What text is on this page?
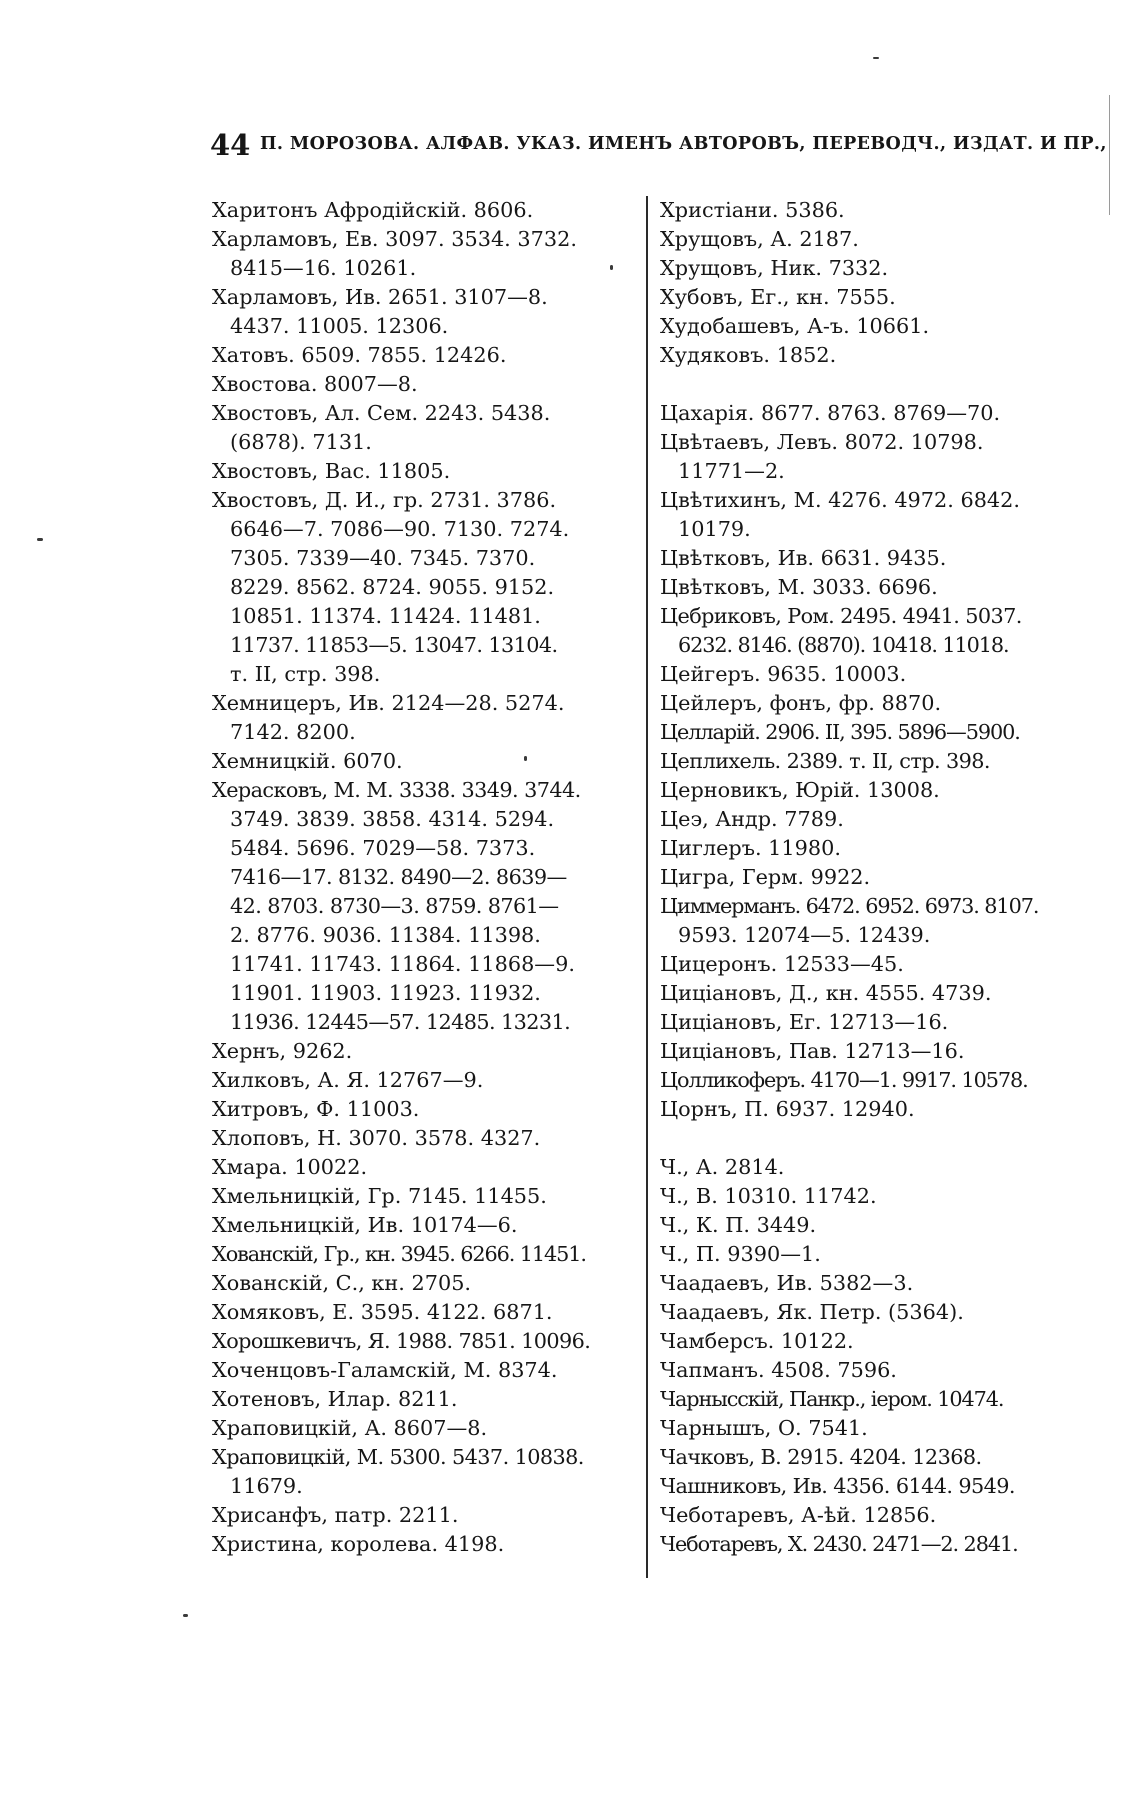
44 П. МОРОЗОВА. АЛФАВ. УКАЗ. ИМЕНЪ АВТОРОВЪ, ПЕРЕВОДЧ., ИЗДАТ. И ПР.,
Харитонъ Афродійскій. 8606.
Харламовъ, Ев. 3097. 3534. 3732.
8415—16. 10261.
Харламовъ, Ив. 2651. 3107—8.
4437. 11005. 12306.
Хатовъ. 6509. 7855. 12426.
Хвостова. 8007—8.
Хвостовъ, Ал. Сем. 2243. 5438.
(6878). 7131.
Хвостовъ, Вас. 11805.
Хвостовъ, Д. И., гр. 2731. 3786.
6646—7. 7086—90. 7130. 7274.
7305. 7339—40. 7345. 7370.
8229. 8562. 8724. 9055. 9152.
10851. 11374. 11424. 11481.
11737. 11853—5. 13047. 13104.
т. II, стр. 398.
Хемницеръ, Ив. 2124—28. 5274.
7142. 8200.
Хемницкій. 6070.
Херасковъ, М. М. 3338. 3349. 3744.
3749. 3839. 3858. 4314. 5294.
5484. 5696. 7029—58. 7373.
7416—17. 8132. 8490—2. 8639—
42. 8703. 8730—3. 8759. 8761—
2. 8776. 9036. 11384. 11398.
11741. 11743. 11864. 11868—9.
11901. 11903. 11923. 11932.
11936. 12445—57. 12485. 13231.
Хернъ, 9262.
Хилковъ, А. Я. 12767—9.
Хитровъ, Ф. 11003.
Хлоповъ, Н. 3070. 3578. 4327.
Хмара. 10022.
Хмельницкій, Гр. 7145. 11455.
Хмельницкій, Ив. 10174—6.
Хованскій, Гр., кн. 3945. 6266. 11451.
Хованскій, С., кн. 2705.
Хомяковъ, Е. 3595. 4122. 6871.
Хорошкевичъ, Я. 1988. 7851. 10096.
Хоченцовъ-Галамскій, М. 8374.
Хотеновъ, Илар. 8211.
Храповицкій, А. 8607—8.
Храповицкій, М. 5300. 5437. 10838.
11679.
Хрисанфъ, патр. 2211.
Христина, королева. 4198.
Христіани. 5386.
Хрущовъ, А. 2187.
Хрущовъ, Ник. 7332.
Хубовъ, Ег., кн. 7555.
Худобашевъ, А-ъ. 10661.
Худяковъ. 1852.
Цахарія. 8677. 8763. 8769—70.
Цвѣтаевъ, Левъ. 8072. 10798.
11771—2.
Цвѣтихинъ, М. 4276. 4972. 6842.
10179.
Цвѣтковъ, Ив. 6631. 9435.
Цвѣтковъ, М. 3033. 6696.
Цебриковъ, Ром. 2495. 4941. 5037.
6232. 8146. (8870). 10418. 11018.
Цейгеръ. 9635. 10003.
Цейлеръ, фонъ, фр. 8870.
Целларій. 2906. II, 395. 5896—5900.
Цеплихель. 2389. т. II, стр. 398.
Церновикъ, Юрій. 13008.
Цеэ, Андр. 7789.
Циглеръ. 11980.
Цигра, Герм. 9922.
Циммерманъ. 6472. 6952. 6973. 8107.
9593. 12074—5. 12439.
Цицеронъ. 12533—45.
Циціановъ, Д., кн. 4555. 4739.
Циціановъ, Ег. 12713—16.
Циціановъ, Пав. 12713—16.
Цолликоферъ. 4170—1. 9917. 10578.
Цорнъ, П. 6937. 12940.
Ч., А. 2814.
Ч., В. 10310. 11742.
Ч., К. П. 3449.
Ч., П. 9390—1.
Чаадаевъ, Ив. 5382—3.
Чаадаевъ, Як. Петр. (5364).
Чамберсъ. 10122.
Чапманъ. 4508. 7596.
Чарнысскій, Панкр., іером. 10474.
Чарнышъ, О. 7541.
Чачковъ, В. 2915. 4204. 12368.
Чашниковъ, Ив. 4356. 6144. 9549.
Чеботаревъ, А-ѣй. 12856.
Чеботаревъ, Х. 2430. 2471—2. 2841.
